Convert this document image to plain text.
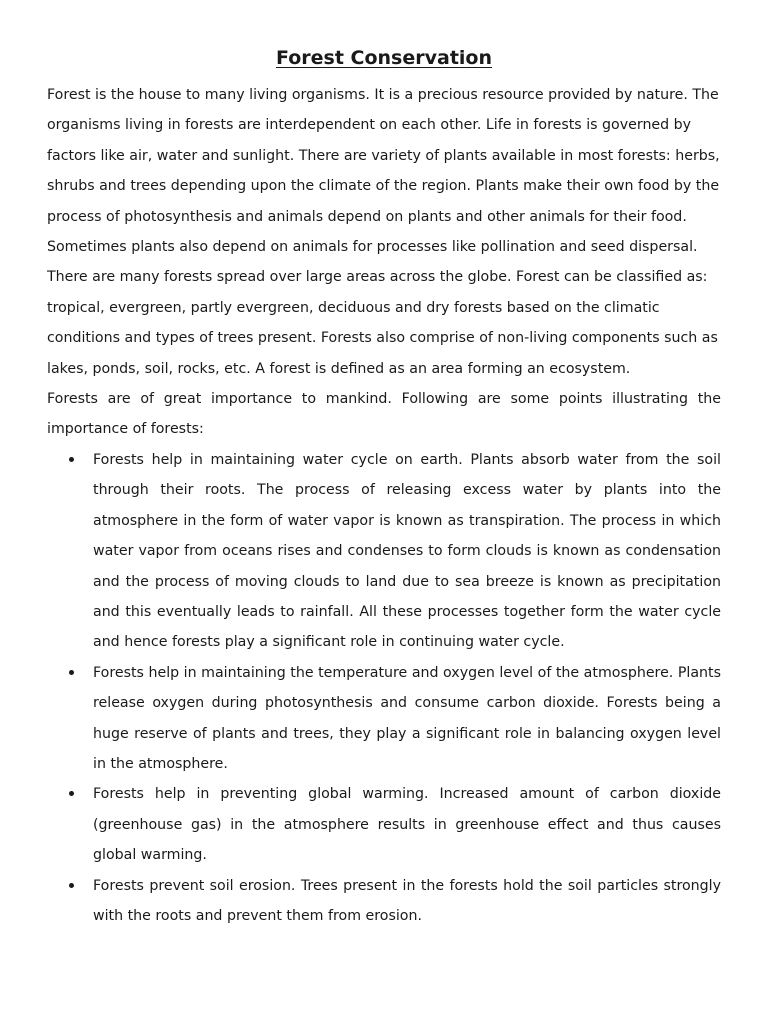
Forest Conservation

Forest is the house to many living organisms. It is a precious resource provided by nature. The organisms living in forests are interdependent on each other. Life in forests is governed by factors like air, water and sunlight. There are variety of plants available in most forests: herbs, shrubs and trees depending upon the climate of the region. Plants make their own food by the process of photosynthesis and animals depend on plants and other animals for their food. Sometimes plants also depend on animals for processes like pollination and seed dispersal. There are many forests spread over large areas across the globe. Forest can be classified as: tropical, evergreen, partly evergreen, deciduous and dry forests based on the climatic conditions and types of trees present. Forests also comprise of non-living components such as lakes, ponds, soil, rocks, etc. A forest is defined as an area forming an ecosystem.

Forests are of great importance to mankind. Following are some points illustrating the importance of forests:

Forests help in maintaining water cycle on earth. Plants absorb water from the soil through their roots. The process of releasing excess water by plants into the atmosphere in the form of water vapor is known as transpiration. The process in which water vapor from oceans rises and condenses to form clouds is known as condensation and the process of moving clouds to land due to sea breeze is known as precipitation and this eventually leads to rainfall. All these processes together form the water cycle and hence forests play a significant role in continuing water cycle.
Forests help in maintaining the temperature and oxygen level of the atmosphere. Plants release oxygen during photosynthesis and consume carbon dioxide. Forests being a huge reserve of plants and trees, they play a significant role in balancing oxygen level in the atmosphere.
Forests help in preventing global warming. Increased amount of carbon dioxide (greenhouse gas) in the atmosphere results in greenhouse effect and thus causes global warming.
Forests prevent soil erosion. Trees present in the forests hold the soil particles strongly with the roots and prevent them from erosion.
